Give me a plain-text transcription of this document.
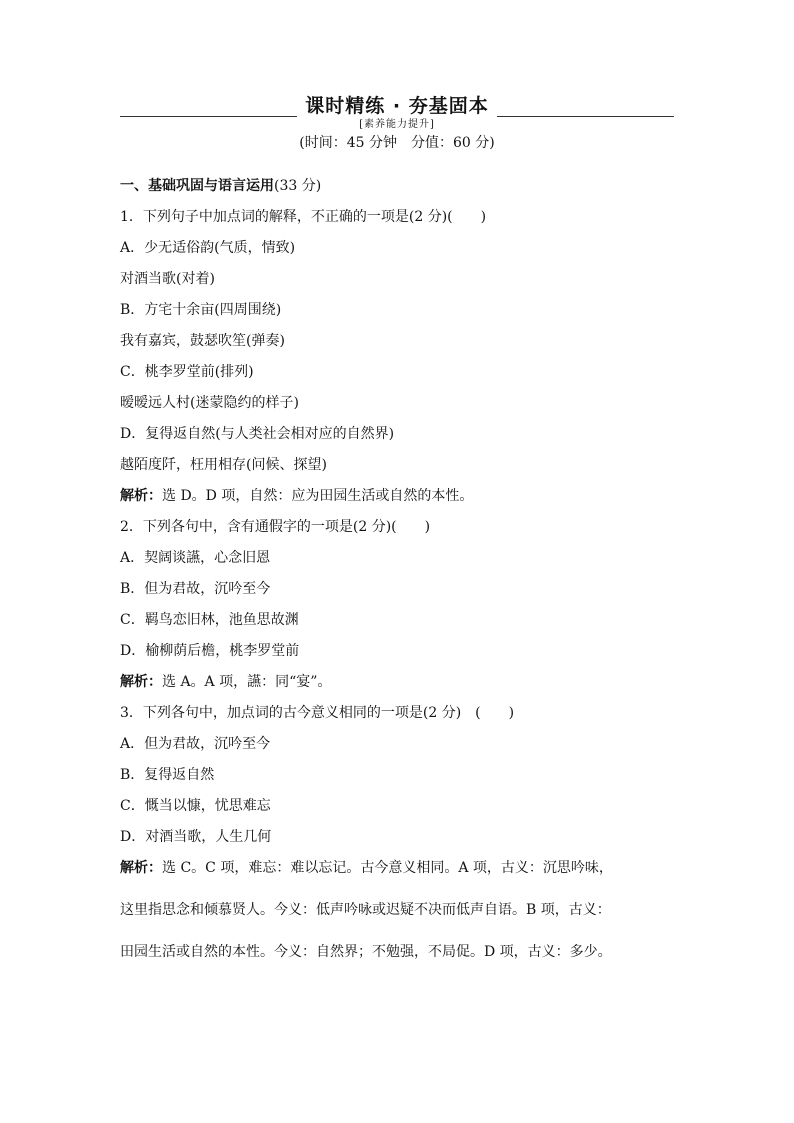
课时精练 · 夯基固本
[素养能力提升]
(时间：45 分钟　分值：60 分)
一、基础巩固与语言运用(33 分)
1．下列句子中加点词的解释，不正确的一项是(2 分)(　　)
A．少无适俗韵(气质，情致)
对酒当歌(对着)
B．方宅十余亩(四周围绕)
我有嘉宾，鼓瑟吹笙(弹奏)
C．桃李罗堂前(排列)
暧暧远人村(迷蒙隐约的样子)
D．复得返自然(与人类社会相对应的自然界)
越陌度阡，枉用相存(问候、探望)
解析：选 D。D 项，自然：应为田园生活或自然的本性。
2．下列各句中，含有通假字的一项是(2 分)(　　)
A．契阔谈讌，心念旧恩
B．但为君故，沉吟至今
C．羁鸟恋旧林，池鱼思故渊
D．榆柳荫后檐，桃李罗堂前
解析：选 A。A 项，讌：同“宴”。
3．下列各句中，加点词的古今意义相同的一项是(2 分)　(　　)
A．但为君故，沉吟至今
B．复得返自然
C．慨当以慷，忧思难忘
D．对酒当歌，人生几何
解析：选 C。C 项，难忘：难以忘记。古今意义相同。A 项，古义：沉思吟味，
这里指思念和倾慕贤人。今义：低声吟咏或迟疑不决而低声自语。B 项，古义：
田园生活或自然的本性。今义：自然界；不勉强，不局促。D 项，古义：多少。
